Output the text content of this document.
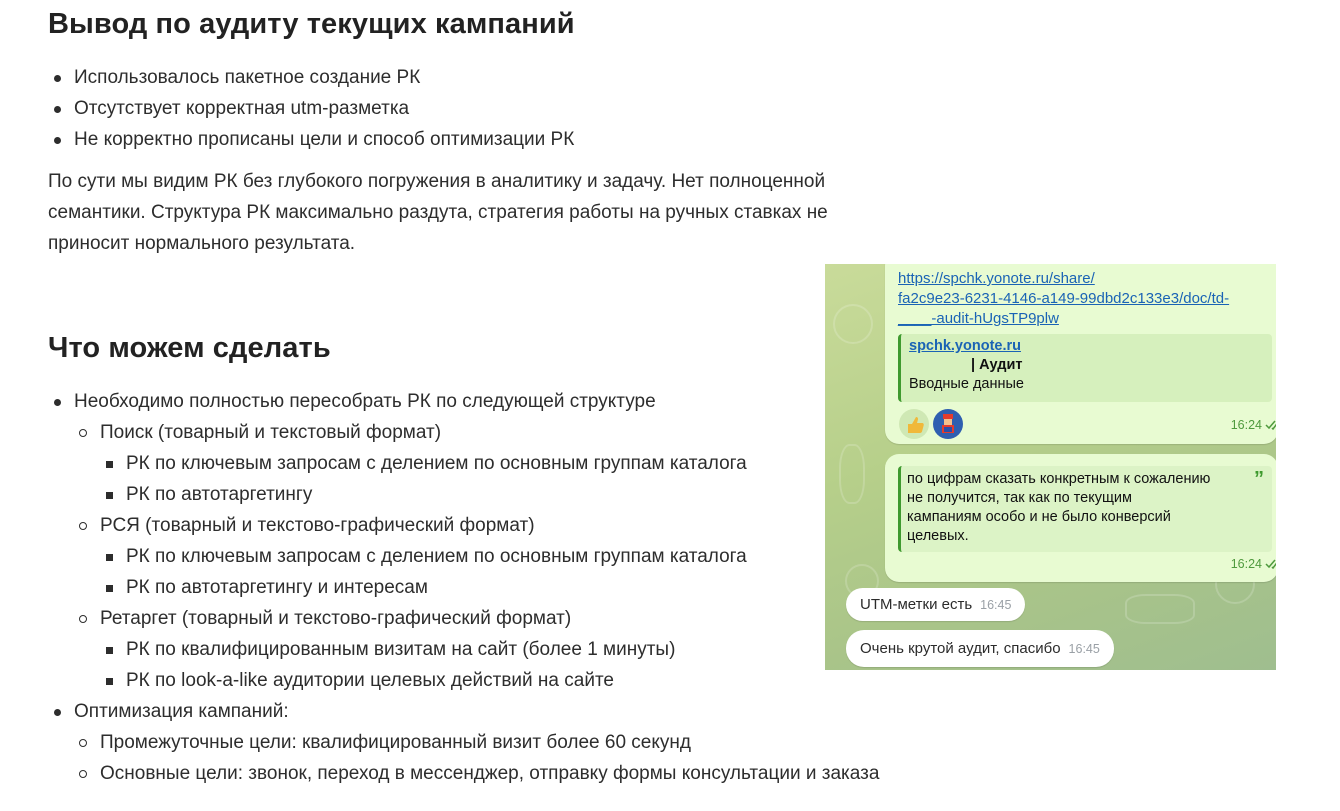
Вывод по аудиту текущих кампаний
Использовалось пакетное создание РК
Отсутствует корректная utm-разметка
Не корректно прописаны цели и способ оптимизации РК
По сути мы видим РК без глубокого погружения в аналитику и задачу. Нет полноценной
семантики. Структура РК максимально раздута, стратегия работы на ручных ставках не
приносит нормального результата.
Что можем сделать
Необходимо полностью пересобрать РК по следующей структуре
Поиск (товарный и текстовый формат)
РК по ключевым запросам с делением по основным группам каталога
РК по автотаргетингу
РСЯ (товарный и текстово-графический формат)
РК по ключевым запросам с делением по основным группам каталога
РК по автотаргетингу и интересам
Ретаргет (товарный и текстово-графический формат)
РК по квалифицированным визитам на сайт (более 1 минуты)
РК по look-a-like аудитории целевых действий на сайте
Оптимизация кампаний:
Промежуточные цели: квалифицированный визит более 60 секунд
Основные цели: звонок, переход в мессенджер, отправку формы консультации и заказа
https://spchk.yonote.ru/share/
fa2c9e23-6231-4146-a149-99dbd2c133e3/doc/td-
____-audit-hUgsTP9plw
spchk.yonote.ru
| Аудит
Вводные данные
16:24
по цифрам сказать конкретным к сожалению
не получится, так как по текущим
кампаниям особо и не было конверсий
целевых.
”
16:24
UTM-метки есть 16:45
Очень крутой аудит, спасибо 16:45
